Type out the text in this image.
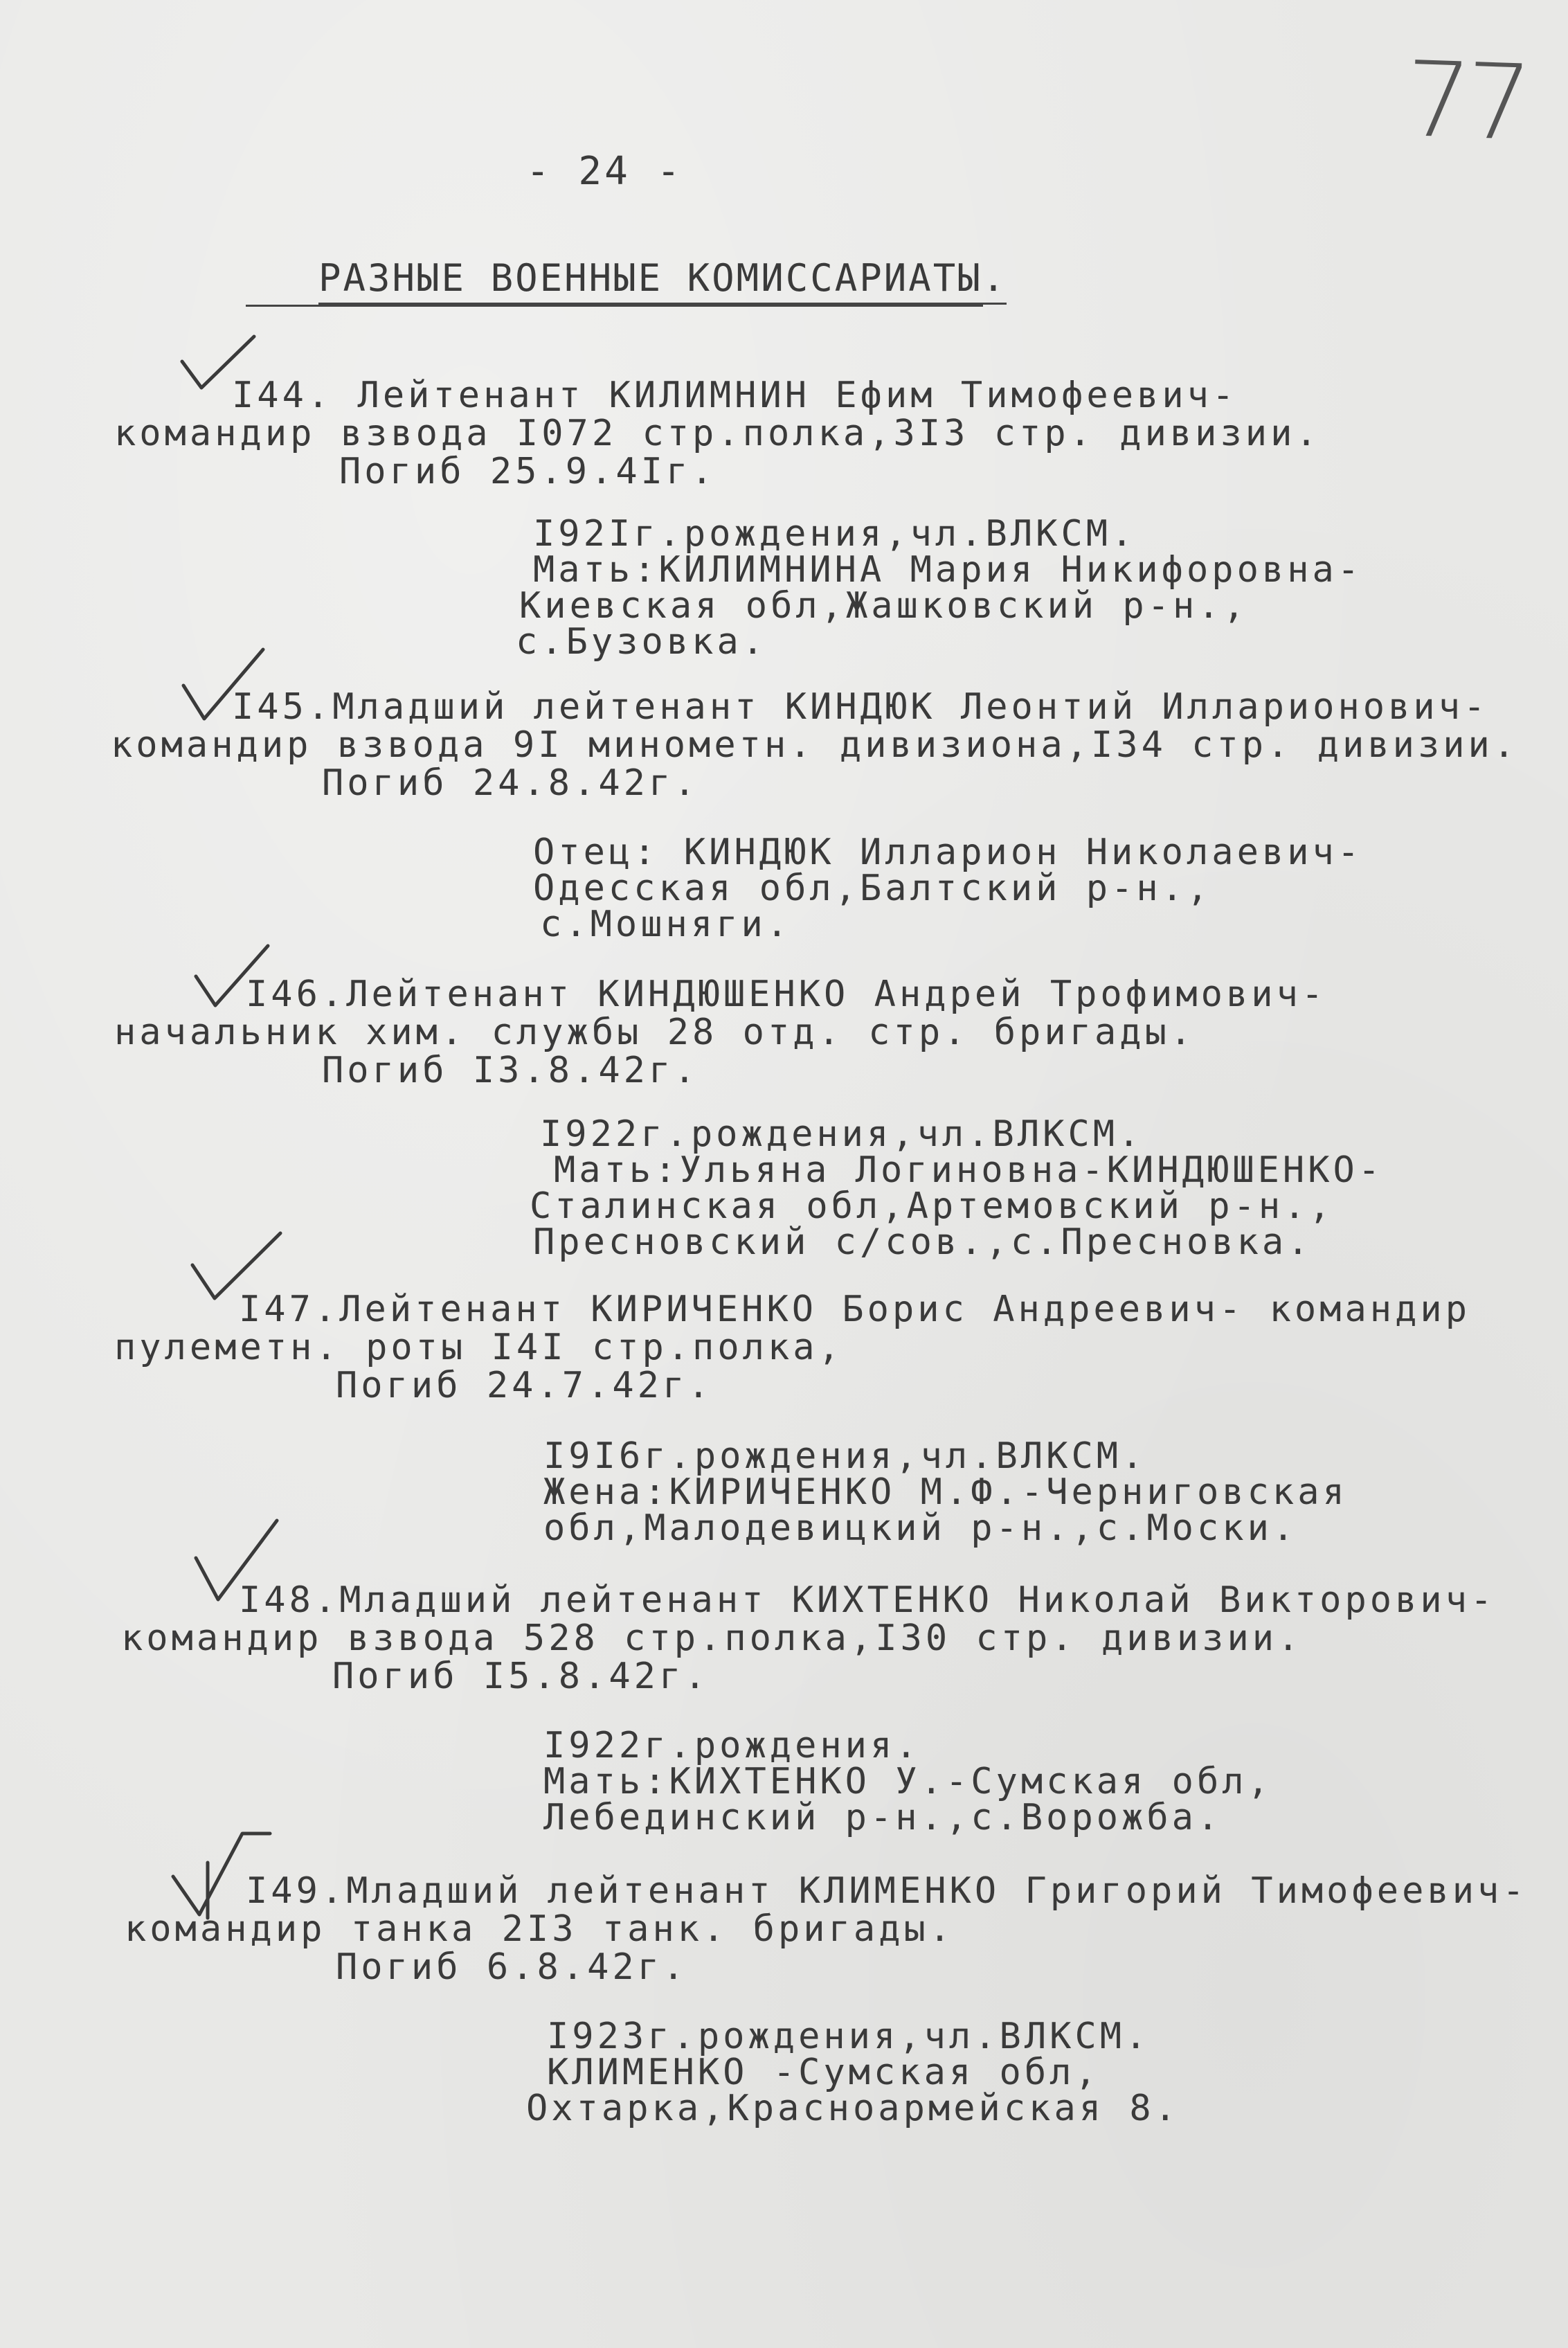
77
- 24 -
РАЗНЫЕ ВОЕННЫЕ КОМИССАРИАТЫ.
I44. Лейтенант КИЛИМНИН Ефим Тимофеевич-
командир взвода I072 стр.полка,3I3 стр. дивизии.
Погиб 25.9.4Iг.
I92Iг.рождения,чл.ВЛКСМ.
Мать:КИЛИМНИНА Мария Никифоровна-
Киевская обл,Жашковский р-н.,
с.Бузовка.
I45.Младший лейтенант КИНДЮК Леонтий Илларионович-
командир взвода 9I минометн. дивизиона,I34 стр. дивизии.
Погиб 24.8.42г.
Отец: КИНДЮК Илларион Николаевич-
Одесская обл,Балтский р-н.,
с.Мошняги.
I46.Лейтенант КИНДЮШЕНКО Андрей Трофимович-
начальник хим. службы 28 отд. стр. бригады.
Погиб I3.8.42г.
I922г.рождения,чл.ВЛКСМ.
Мать:Ульяна Логиновна-КИНДЮШЕНКО-
Сталинская обл,Артемовский р-н.,
Пресновский с/сов.,с.Пресновка.
I47.Лейтенант КИРИЧЕНКО Борис Андреевич- командир
пулеметн. роты I4I стр.полка,
Погиб 24.7.42г.
I9I6г.рождения,чл.ВЛКСМ.
Жена:КИРИЧЕНКО М.Ф.-Черниговская
обл,Малодевицкий р-н.,с.Моски.
I48.Младший лейтенант КИХТЕНКО Николай Викторович-
командир взвода 528 стр.полка,I30 стр. дивизии.
Погиб I5.8.42г.
I922г.рождения.
Мать:КИХТЕНКО У.-Сумская обл,
Лебединский р-н.,с.Ворожба.
I49.Младший лейтенант КЛИМЕНКО Григорий Тимофеевич-
командир танка 2I3 танк. бригады.
Погиб 6.8.42г.
I923г.рождения,чл.ВЛКСМ.
КЛИМЕНКО -Сумская обл,
Охтарка,Красноармейская 8.
